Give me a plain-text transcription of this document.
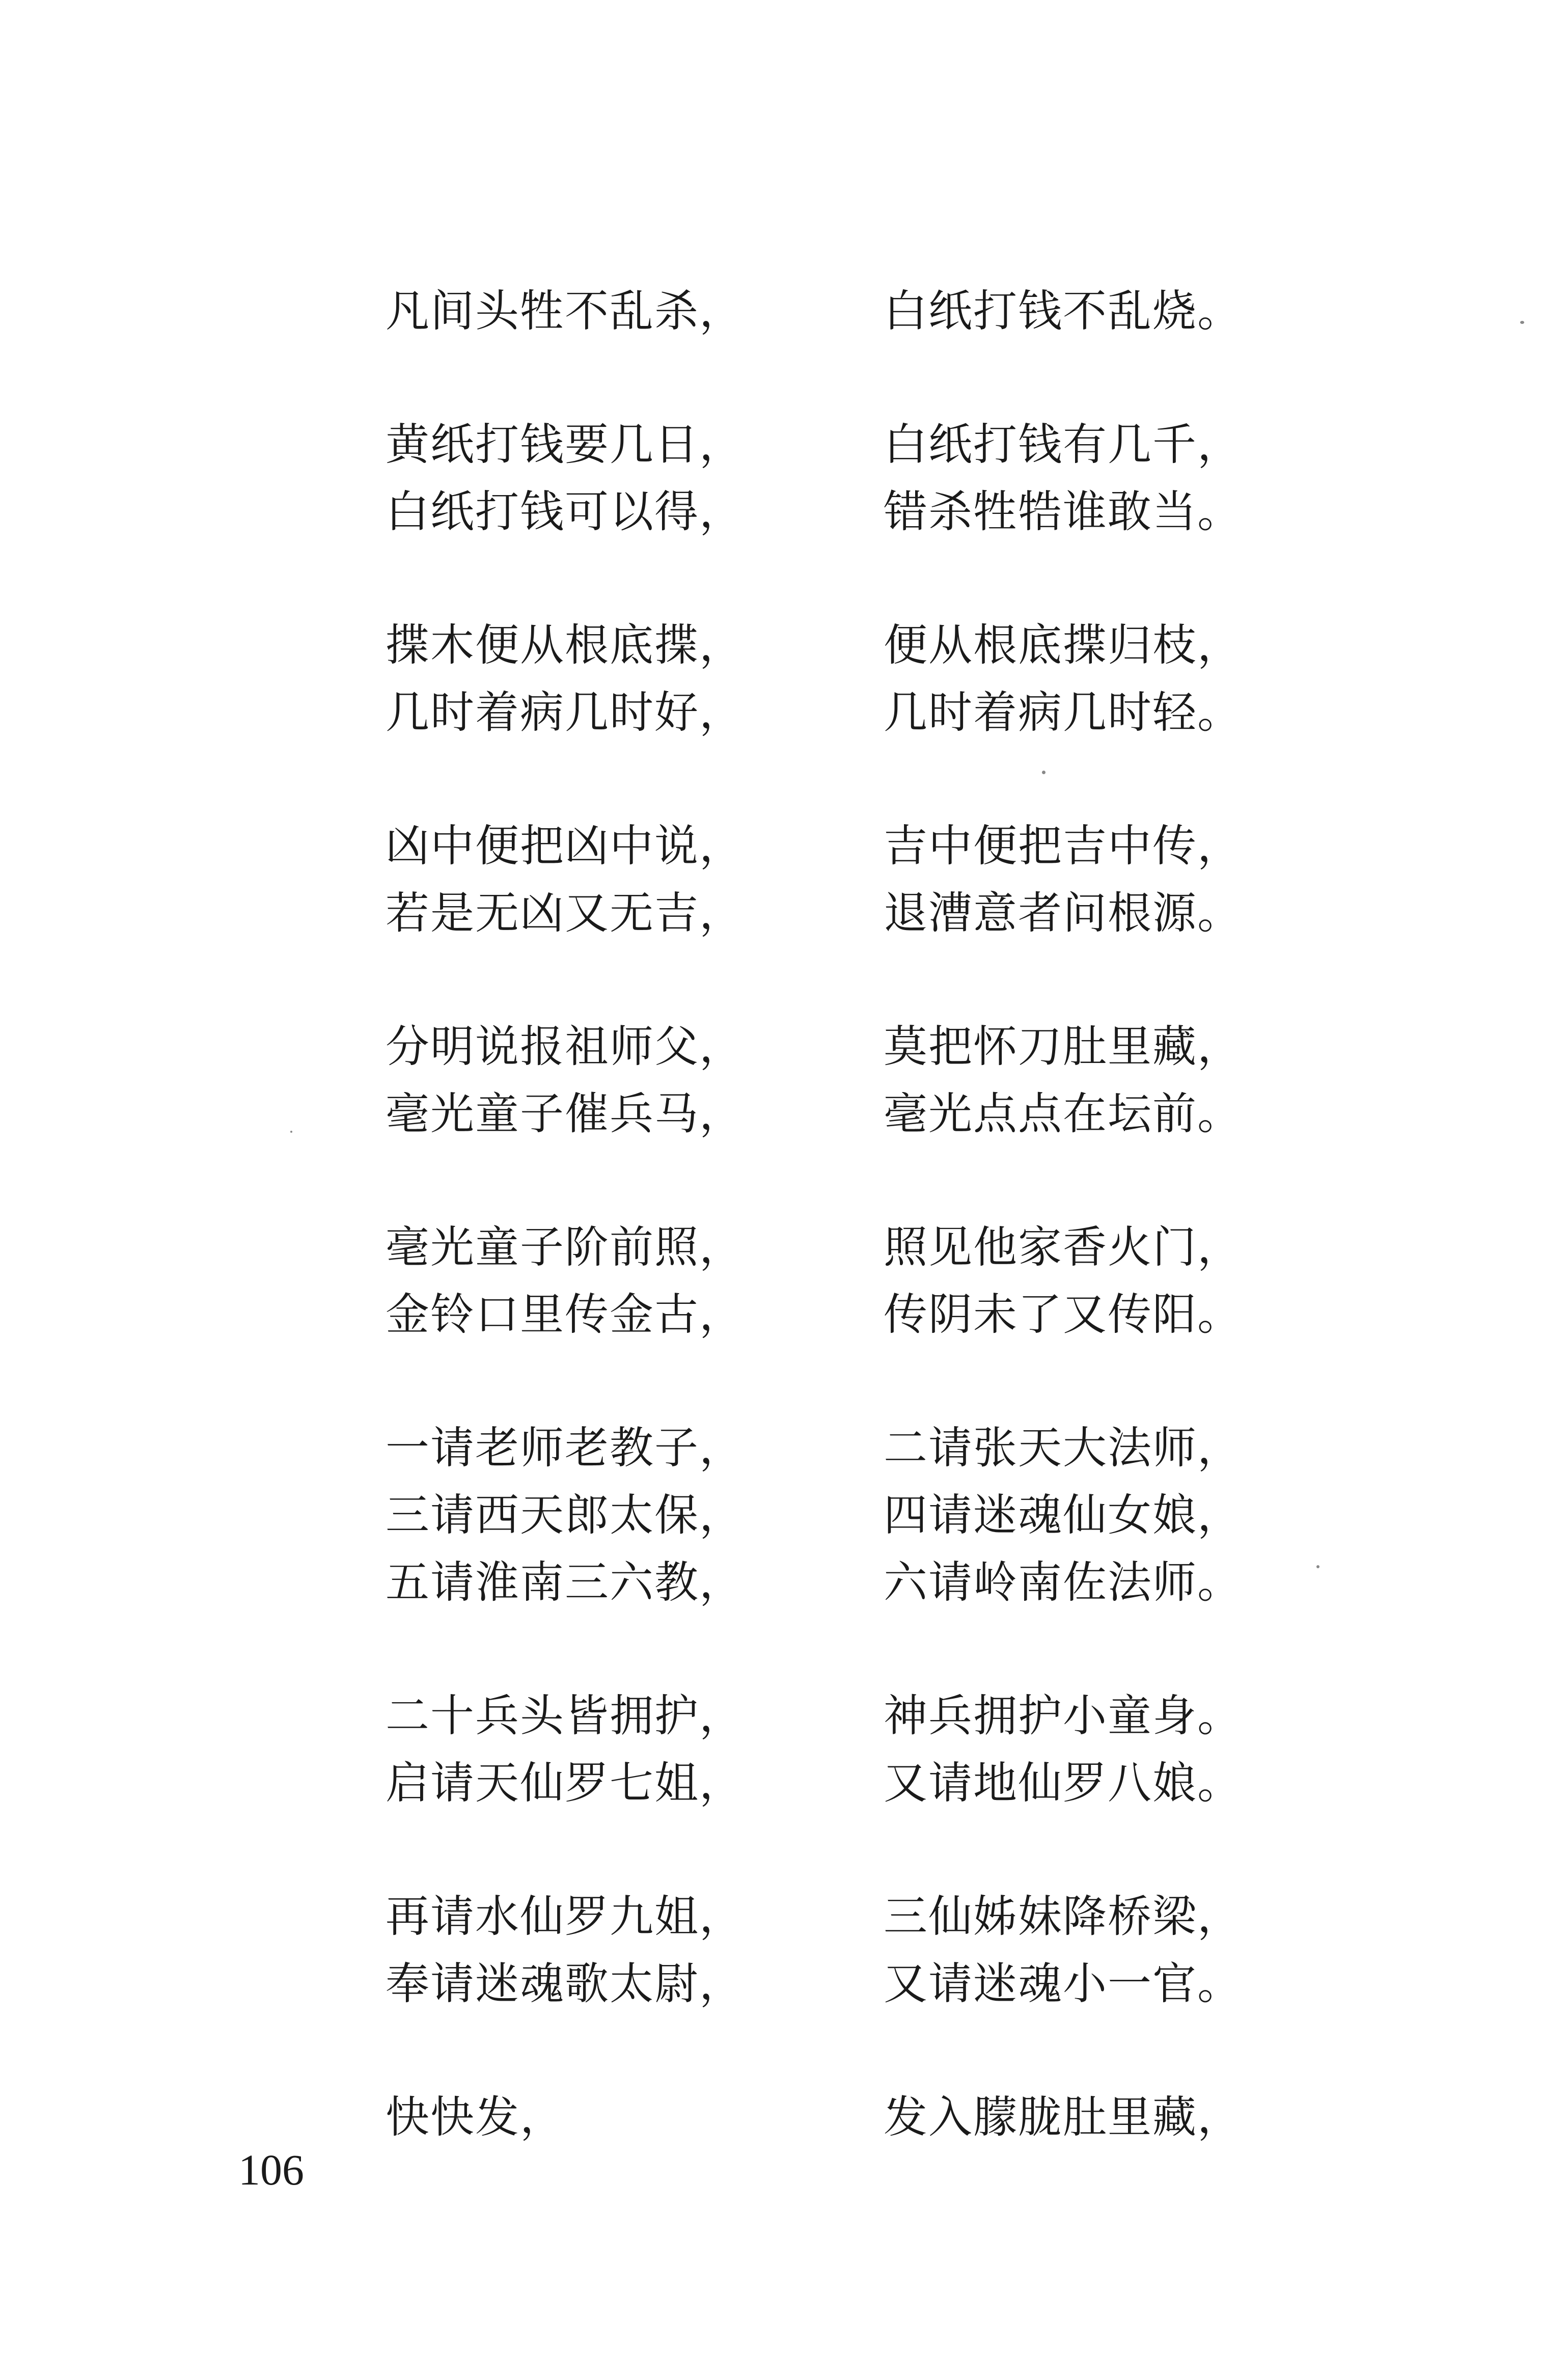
凡间头牲不乱杀，	白纸打钱不乱烧。
黄纸打钱要几日，	白纸打钱有几千，
白纸打钱可以得，	错杀牲牿谁敢当。
揲木便从根底揲，	便从根底揲归枝，
几时着病几时好，	几时着病几时轻。
凶中便把凶中说，	吉中便把吉中传，
若是无凶又无吉，	退漕意者问根源。
分明说报祖师父，	莫把怀刀肚里藏，
毫光童子催兵马，	毫光点点在坛前。
毫光童子阶前照，	照见他家香火门，
金铃口里传金古，	传阴未了又传阳。
一请老师老教子，	二请张天大法师，
三请西天郎太保，	四请迷魂仙女娘，
五请淮南三六教，	六请岭南佐法师。
二十兵头皆拥护，	神兵拥护小童身。
启请天仙罗七姐，	又请地仙罗八娘。
再请水仙罗九姐，	三仙姊妹降桥梁，
奉请迷魂歌太尉，	又请迷魂小一官。
快快发，	发入朦胧肚里藏，
106
